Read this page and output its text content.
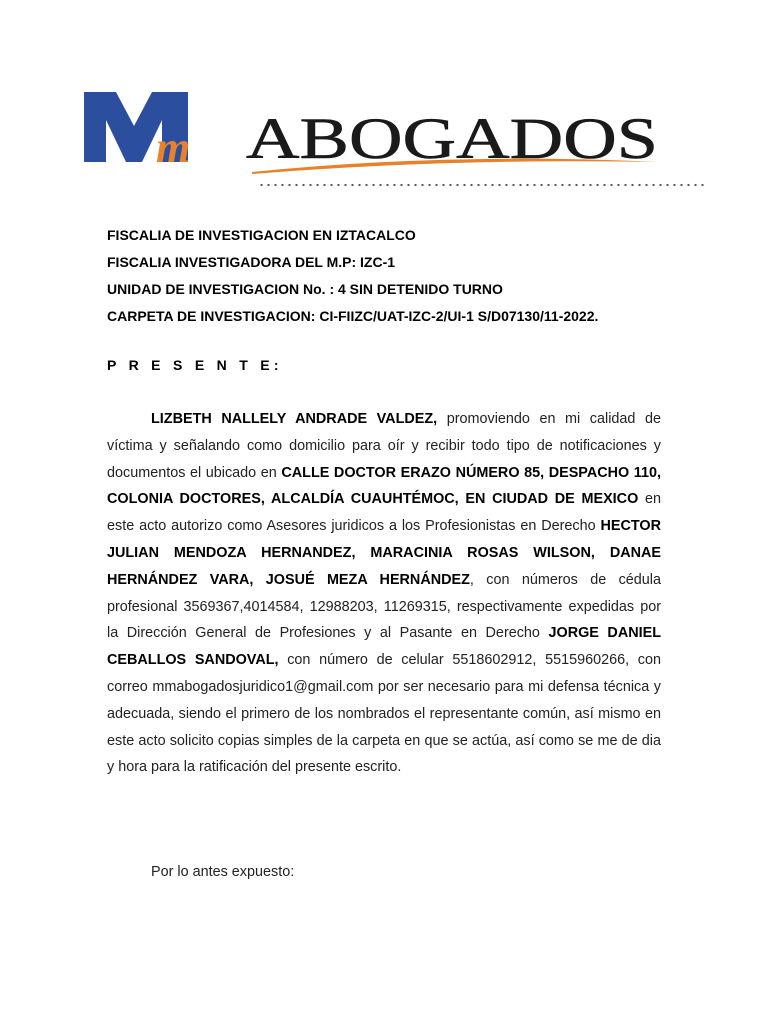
m ABOGADOS
FISCALIA DE INVESTIGACION EN IZTACALCO
FISCALIA INVESTIGADORA DEL M.P: IZC-1
UNIDAD DE INVESTIGACION No. : 4 SIN DETENIDO TURNO
CARPETA DE INVESTIGACION: CI-FIIZC/UAT-IZC-2/UI-1 S/D07130/11-2022.
P R E S E N T E:
LIZBETH NALLELY ANDRADE VALDEZ, promoviendo en mi calidad de víctima y señalando como domicilio para oír y recibir todo tipo de notificaciones y documentos el ubicado en CALLE DOCTOR ERAZO NÚMERO 85, DESPACHO 110, COLONIA DOCTORES, ALCALDÍA CUAUHTÉMOC, EN CIUDAD DE MEXICO en este acto autorizo como Asesores juridicos a los Profesionistas en Derecho HECTOR JULIAN MENDOZA HERNANDEZ, MARACINIA ROSAS WILSON, DANAE HERNÁNDEZ VARA, JOSUÉ MEZA HERNÁNDEZ, con números de cédula profesional 3569367,4014584, 12988203, 11269315, respectivamente expedidas por la Dirección General de Profesiones y al Pasante en Derecho JORGE DANIEL CEBALLOS SANDOVAL, con número de celular 5518602912, 5515960266, con correo mmabogadosjuridico1@gmail.com por ser necesario para mi defensa técnica y adecuada, siendo el primero de los nombrados el representante común, así mismo en este acto solicito copias simples de la carpeta en que se actúa, así como se me de dia y hora para la ratificación del presente escrito.
Por lo antes expuesto:
